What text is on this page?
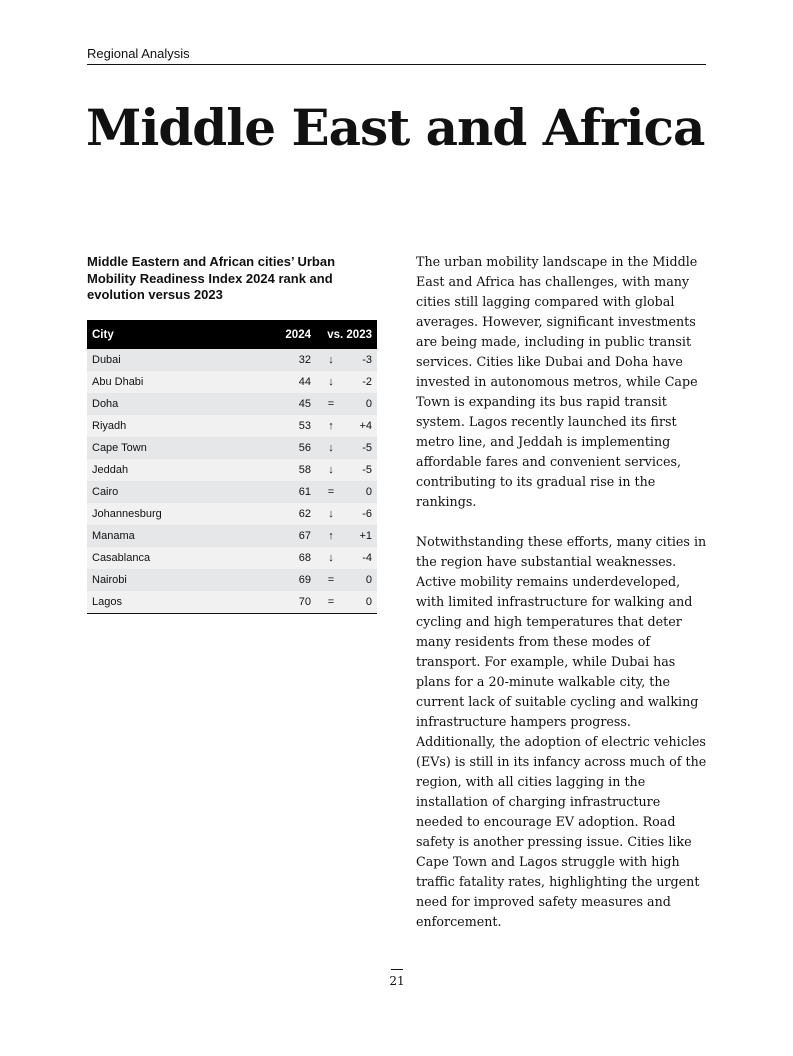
Regional Analysis
Middle East and Africa

Middle Eastern and African cities’ Urban Mobility Readiness Index 2024 rank and evolution versus 2023

City	2024	vs. 2023	
Dubai	32	↓	-3
Abu Dhabi	44	↓	-2
Doha	45	=	0
Riyadh	53	↑	+4
Cape Town	56	↓	-5
Jeddah	58	↓	-5
Cairo	61	=	0
Johannesburg	62	↓	-6
Manama	67	↑	+1
Casablanca	68	↓	-4
Nairobi	69	=	0
Lagos	70	=	0

The urban mobility landscape in the Middle East and Africa has challenges, with many cities still lagging compared with global averages. However, significant investments are being made, including in public transit services. Cities like Dubai and Doha have invested in autonomous metros, while Cape Town is expanding its bus rapid transit system. Lagos recently launched its first metro line, and Jeddah is implementing affordable fares and convenient services, contributing to its gradual rise in the rankings.

Notwithstanding these efforts, many cities in the region have substantial weaknesses. Active mobility remains underdeveloped, with limited infrastructure for walking and cycling and high temperatures that deter many residents from these modes of transport. For example, while Dubai has plans for a 20-minute walkable city, the current lack of suitable cycling and walking infrastructure hampers progress. Additionally, the adoption of electric vehicles (EVs) is still in its infancy across much of the region, with all cities lagging in the installation of charging infrastructure needed to encourage EV adoption. Road safety is another pressing issue. Cities like Cape Town and Lagos struggle with high traffic fatality rates, highlighting the urgent need for improved safety measures and enforcement.

21
